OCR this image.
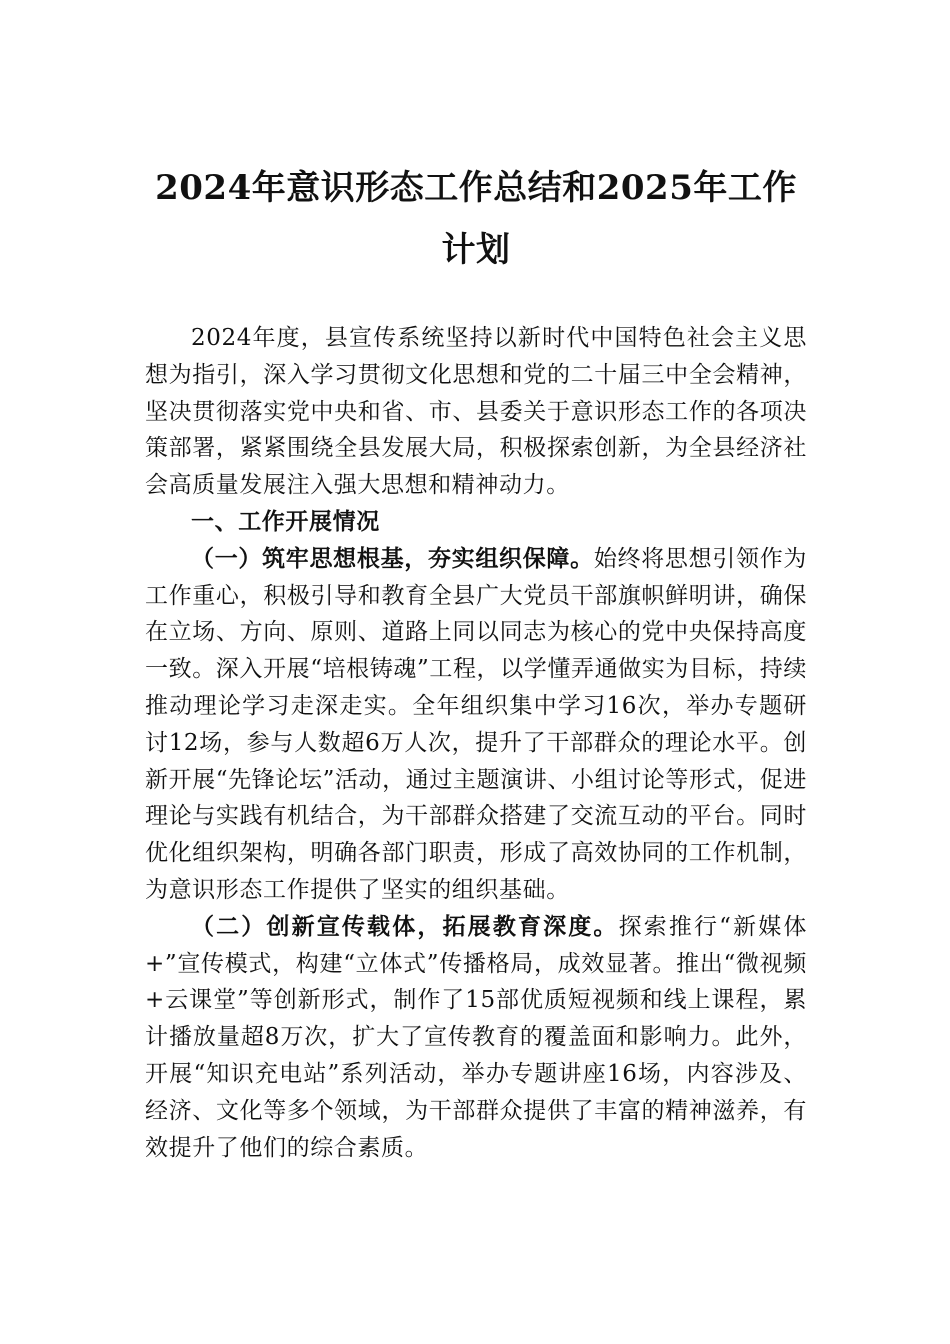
2024年意识形态工作总结和2025年工作计划

2024年度，县宣传系统坚持以新时代中国特色社会主义思想为指引，深入学习贯彻文化思想和党的二十届三中全会精神，坚决贯彻落实党中央和省、市、县委关于意识形态工作的各项决策部署，紧紧围绕全县发展大局，积极探索创新，为全县经济社会高质量发展注入强大思想和精神动力。

一、工作开展情况

（一）筑牢思想根基，夯实组织保障。始终将思想引领作为工作重心，积极引导和教育全县广大党员干部旗帜鲜明讲，确保在立场、方向、原则、道路上同以同志为核心的党中央保持高度一致。深入开展“培根铸魂”工程，以学懂弄通做实为目标，持续推动理论学习走深走实。全年组织集中学习16次，举办专题研讨12场，参与人数超6万人次，提升了干部群众的理论水平。创新开展“先锋论坛”活动，通过主题演讲、小组讨论等形式，促进理论与实践有机结合，为干部群众搭建了交流互动的平台。同时优化组织架构，明确各部门职责，形成了高效协同的工作机制，为意识形态工作提供了坚实的组织基础。

（二）创新宣传载体，拓展教育深度。探索推行“新媒体+”宣传模式，构建“立体式”传播格局，成效显著。推出“微视频+云课堂”等创新形式，制作了15部优质短视频和线上课程，累计播放量超8万次，扩大了宣传教育的覆盖面和影响力。此外，开展“知识充电站”系列活动，举办专题讲座16场，内容涉及、经济、文化等多个领域，为干部群众提供了丰富的精神滋养，有效提升了他们的综合素质。
